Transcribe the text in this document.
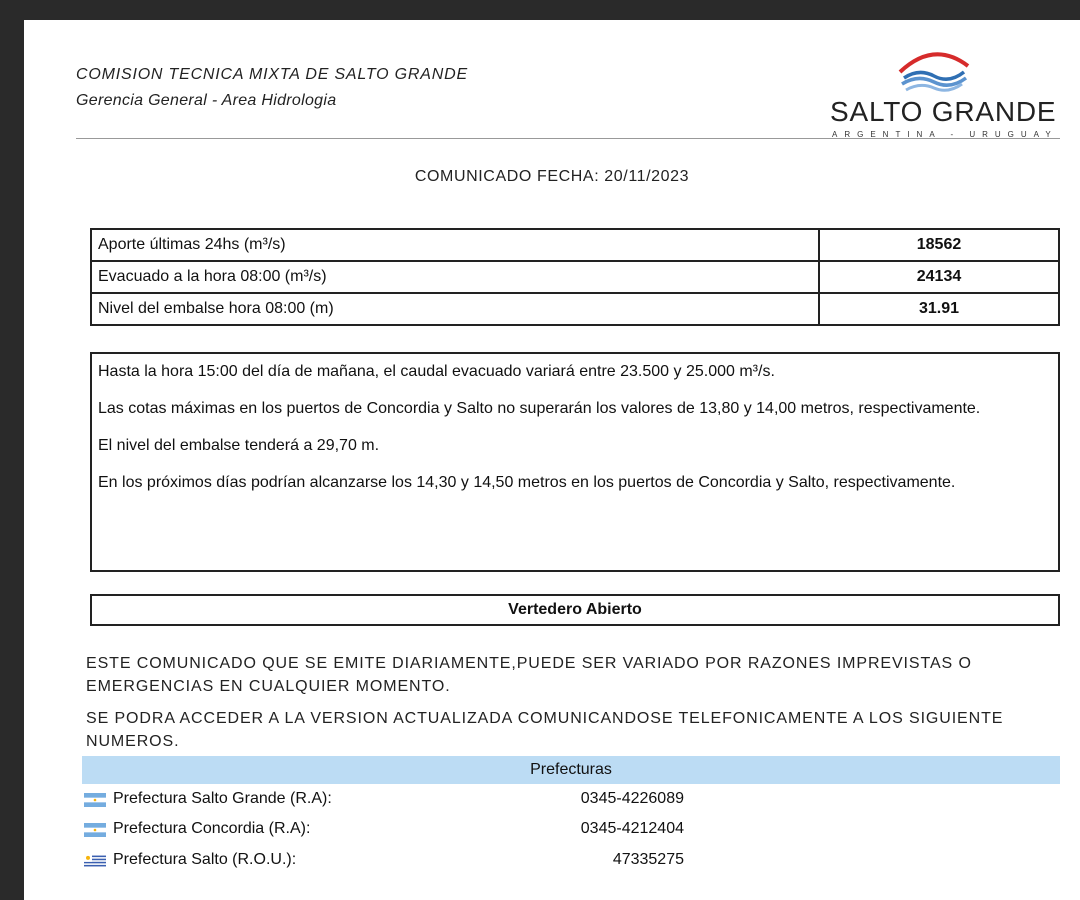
COMISION TECNICA MIXTA DE SALTO GRANDE
Gerencia General - Area Hidrologia	SALTO GRANDE
ARGENTINA - URUGUAY
COMUNICADO FECHA: 20/11/2023
Aporte últimas 24hs (m³/s)	18562
Evacuado a la hora 08:00 (m³/s)	24134
Nivel del embalse hora 08:00 (m)	31.91

Hasta la hora 15:00 del día de mañana, el caudal evacuado variará entre 23.500 y 25.000 m³/s.

Las cotas máximas en los puertos de Concordia y Salto no superarán los valores de 13,80 y 14,00 metros, respectivamente.

El nivel del embalse tenderá a 29,70 m.

En los próximos días podrían alcanzarse los 14,30 y 14,50 metros en los puertos de Concordia y Salto, respectivamente.

Vertedero Abierto
ESTE COMUNICADO QUE SE EMITE DIARIAMENTE,PUEDE SER VARIADO POR RAZONES IMPREVISTAS O EMERGENCIAS EN CUALQUIER MOMENTO.
SE PODRA ACCEDER A LA VERSION ACTUALIZADA COMUNICANDOSE TELEFONICAMENTE A LOS SIGUIENTE NUMEROS.
Prefecturas
Prefectura Salto Grande (R.A):	0345-4226089
Prefectura Concordia (R.A):	0345-4212404
Prefectura Salto (R.O.U.):	47335275
